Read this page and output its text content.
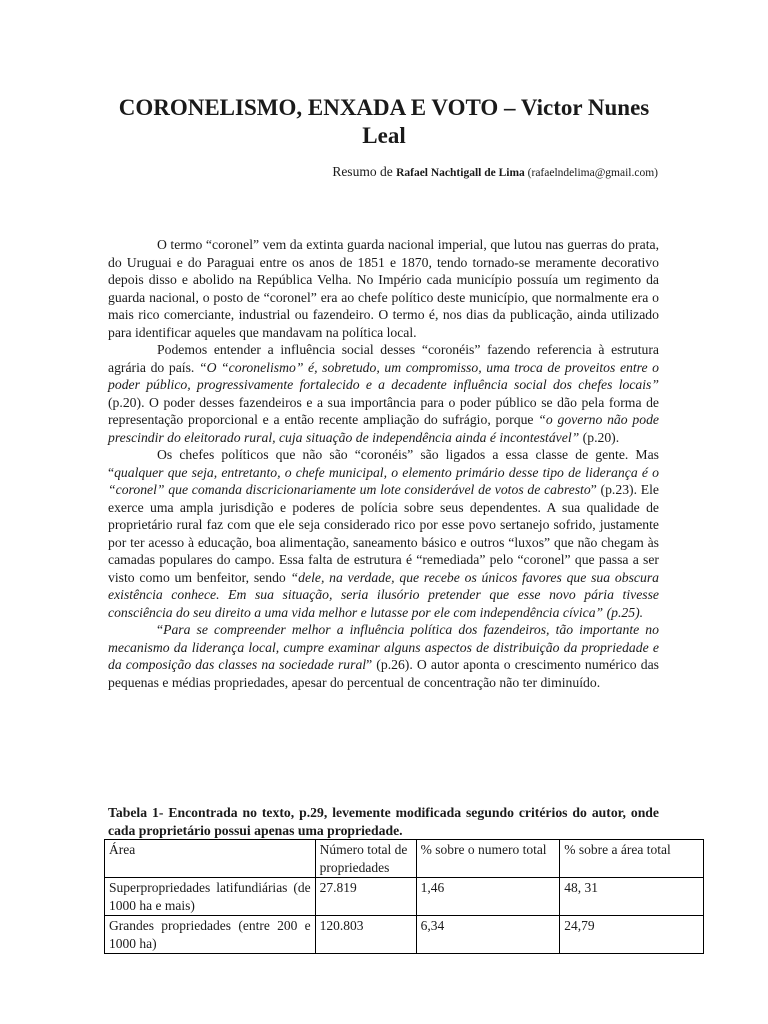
CORONELISMO, ENXADA E VOTO – Victor Nunes Leal
Resumo de Rafael Nachtigall de Lima (rafaelndelima@gmail.com)

O termo “coronel” vem da extinta guarda nacional imperial, que lutou nas guerras do prata, do Uruguai e do Paraguai entre os anos de 1851 e 1870, tendo tornado-se meramente decorativo depois disso e abolido na República Velha. No Império cada município possuía um regimento da guarda nacional, o posto de “coronel” era ao chefe político deste município, que normalmente era o mais rico comerciante, industrial ou fazendeiro. O termo é, nos dias da publicação, ainda utilizado para identificar aqueles que mandavam na política local.

Podemos entender a influência social desses “coronéis” fazendo referencia à estrutura agrária do país. “O “coronelismo” é, sobretudo, um compromisso, uma troca de proveitos entre o poder público, progressivamente fortalecido e a decadente influência social dos chefes locais” (p.20). O poder desses fazendeiros e a sua importância para o poder público se dão pela forma de representação proporcional e a então recente ampliação do sufrágio, porque “o governo não pode prescindir do eleitorado rural, cuja situação de independência ainda é incontestável” (p.20).

Os chefes políticos que não são “coronéis” são ligados a essa classe de gente. Mas “qualquer que seja, entretanto, o chefe municipal, o elemento primário desse tipo de liderança é o “coronel” que comanda discricionariamente um lote considerável de votos de cabresto” (p.23). Ele exerce uma ampla jurisdição e poderes de polícia sobre seus dependentes. A sua qualidade de proprietário rural faz com que ele seja considerado rico por esse povo sertanejo sofrido, justamente por ter acesso à educação, boa alimentação, saneamento básico e outros “luxos” que não chegam às camadas populares do campo. Essa falta de estrutura é “remediada” pelo “coronel” que passa a ser visto como um benfeitor, sendo “dele, na verdade, que recebe os únicos favores que sua obscura existência conhece. Em sua situação, seria ilusório pretender que esse novo pária tivesse consciência do seu direito a uma vida melhor e lutasse por ele com independência cívica” (p.25).

“Para se compreender melhor a influência política dos fazendeiros, tão importante no mecanismo da liderança local, cumpre examinar alguns aspectos de distribuição da propriedade e da composição das classes na sociedade rural” (p.26). O autor aponta o crescimento numérico das pequenas e médias propriedades, apesar do percentual de concentração não ter diminuído.

Tabela 1- Encontrada no texto, p.29, levemente modificada segundo critérios do autor, onde cada proprietário possui apenas uma propriedade.
Área	Número total de propriedades	% sobre o numero total	% sobre a área total
Superpropriedades latifundiárias (de 1000 ha e mais)	27.819	1,46	48, 31
Grandes propriedades (entre 200 e 1000 ha)	120.803	6,34	24,79
